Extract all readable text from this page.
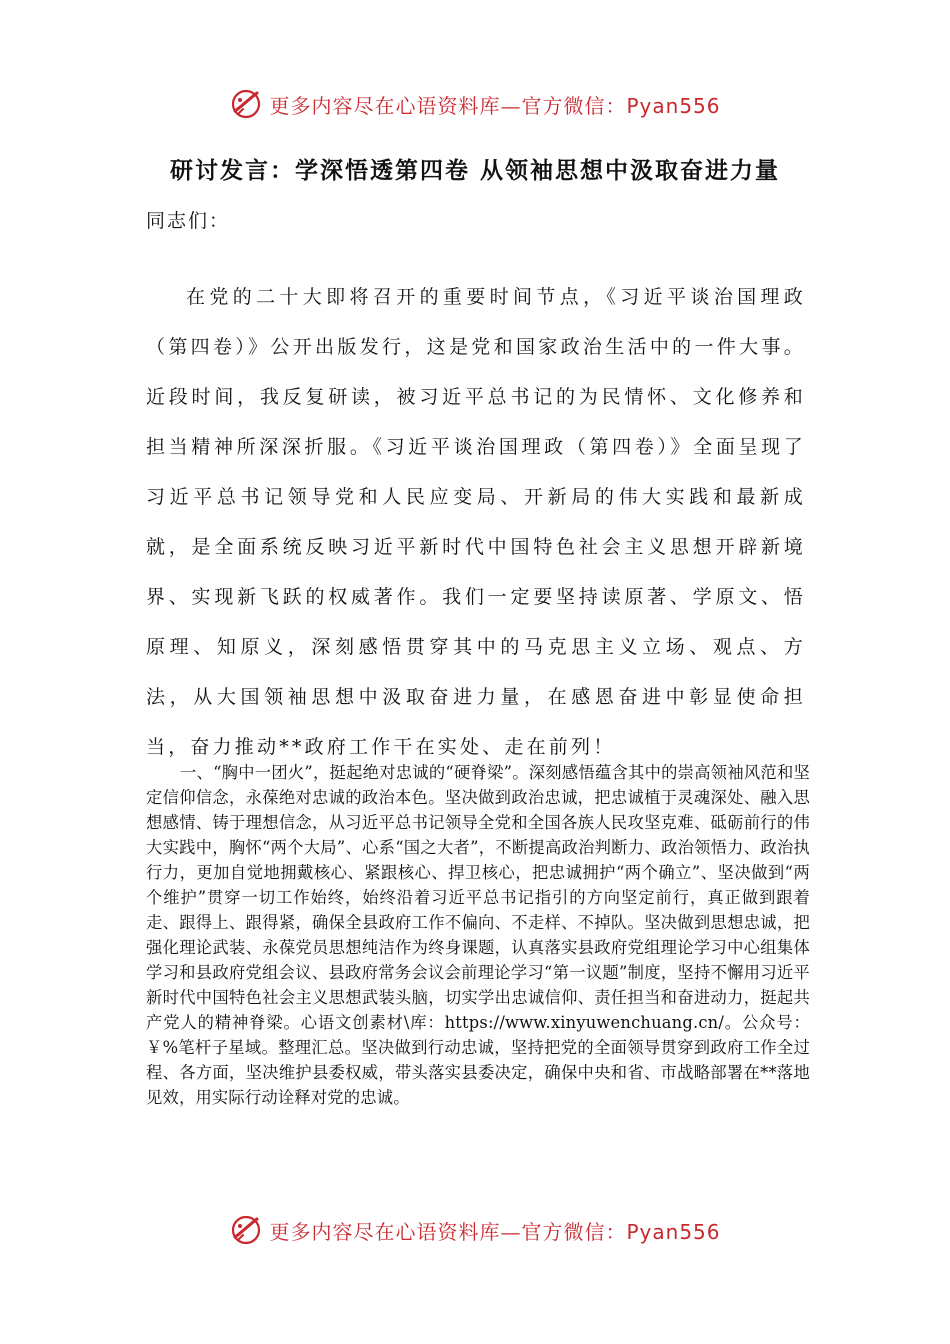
更多内容尽在心语资料库—官方微信：Pyan556
研讨发言：学深悟透第四卷 从领袖思想中汲取奋进力量
同志们：

在党的二十大即将召开的重要时间节点，《习近平谈治国理政（第四卷）》公开出版发行，这是党和国家政治生活中的一件大事。近段时间，我反复研读，被习近平总书记的为民情怀、文化修养和担当精神所深深折服。《习近平谈治国理政（第四卷）》全面呈现了习近平总书记领导党和人民应变局、开新局的伟大实践和最新成就，是全面系统反映习近平新时代中国特色社会主义思想开辟新境界、实现新飞跃的权威著作。我们一定要坚持读原著、学原文、悟原理、知原义，深刻感悟贯穿其中的马克思主义立场、观点、方法，从大国领袖思想中汲取奋进力量，在感恩奋进中彰显使命担当，奋力推动**政府工作干在实处、走在前列！

一、“胸中一团火”，挺起绝对忠诚的“硬脊梁”。深刻感悟蕴含其中的崇高领袖风范和坚定信仰信念，永葆绝对忠诚的政治本色。坚决做到政治忠诚，把忠诚植于灵魂深处、融入思想感情、铸于理想信念，从习近平总书记领导全党和全国各族人民攻坚克难、砥砺前行的伟大实践中，胸怀“两个大局”、心系“国之大者”，不断提高政治判断力、政治领悟力、政治执行力，更加自觉地拥戴核心、紧跟核心、捍卫核心，把忠诚拥护“两个确立”、坚决做到“两个维护”贯穿一切工作始终，始终沿着习近平总书记指引的方向坚定前行，真正做到跟着走、跟得上、跟得紧，确保全县政府工作不偏向、不走样、不掉队。坚决做到思想忠诚，把强化理论武装、永葆党员思想纯洁作为终身课题，认真落实县政府党组理论学习中心组集体学习和县政府党组会议、县政府常务会议会前理论学习“第一议题”制度，坚持不懈用习近平新时代中国特色社会主义思想武装头脑，切实学出忠诚信仰、责任担当和奋进动力，挺起共产党人的精神脊梁。心语文创素材\库：https://www.xinyuwenchuang.cn/。公众号：￥%笔杆子星域。整理汇总。坚决做到行动忠诚，坚持把党的全面领导贯穿到政府工作全过程、各方面，坚决维护县委权威，带头落实县委决定，确保中央和省、市战略部署在**落地见效，用实际行动诠释对党的忠诚。

更多内容尽在心语资料库—官方微信：Pyan556
